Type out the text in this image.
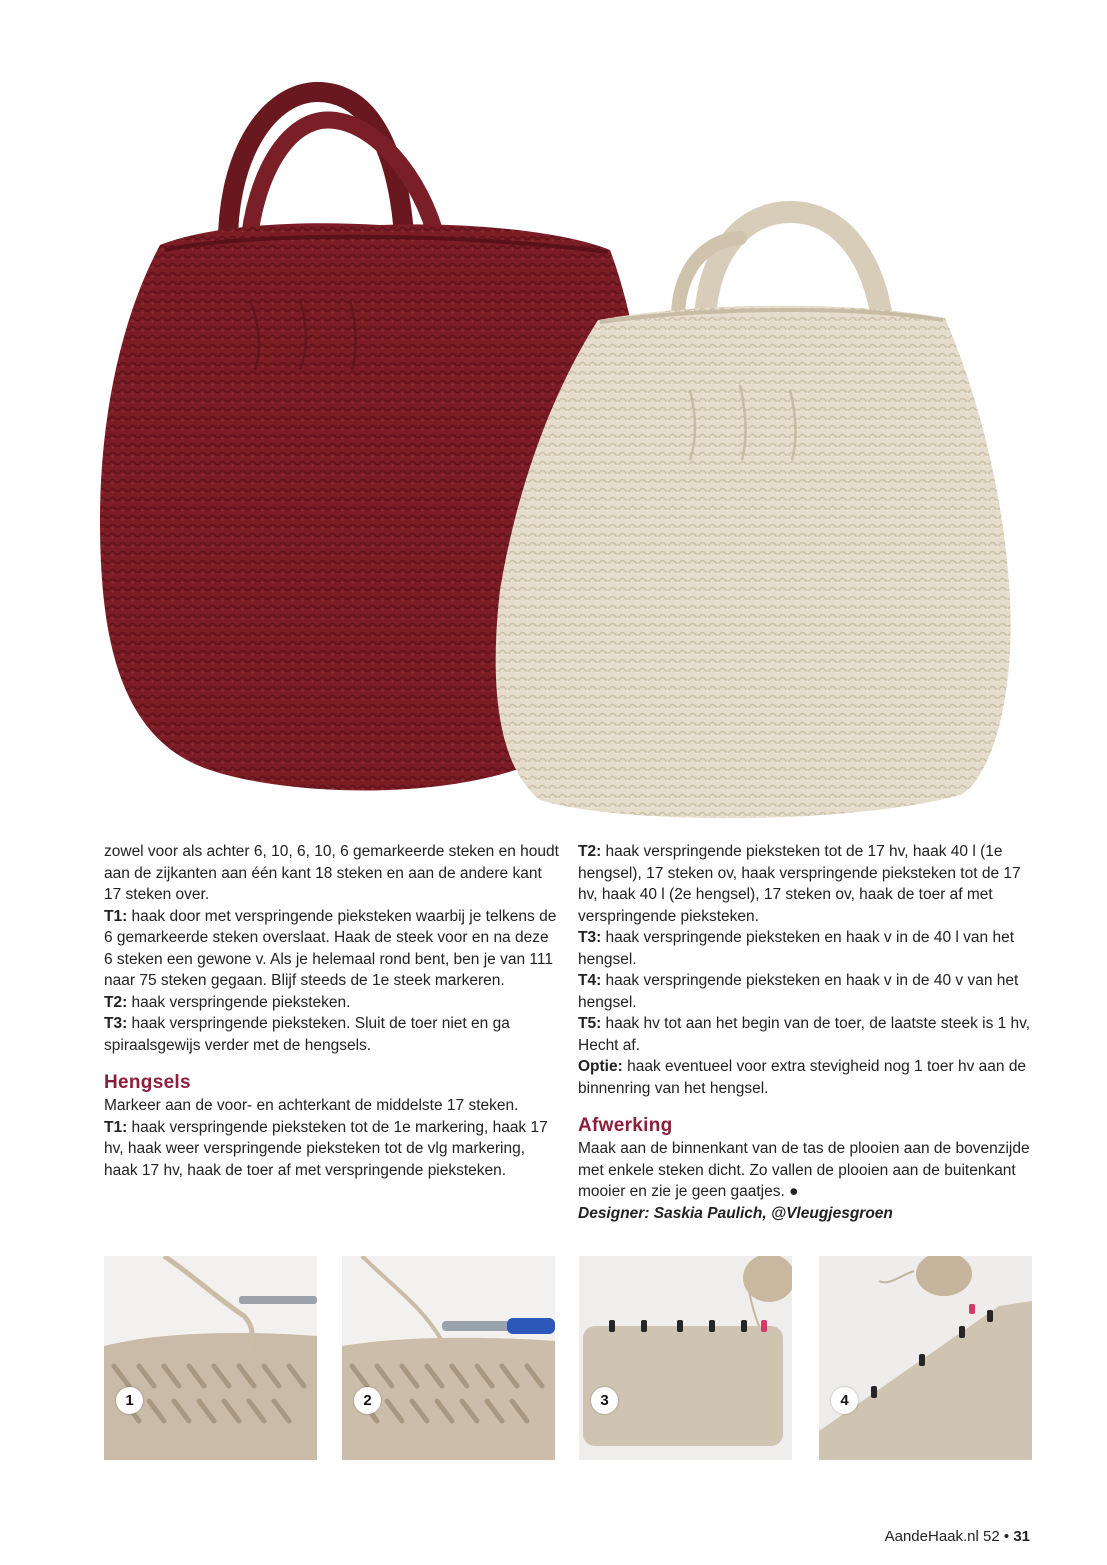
zowel voor als achter 6, 10, 6, 10, 6 gemarkeerde steken en houdt aan de zijkanten aan één kant 18 steken en aan de andere kant 17 steken over.

T1: haak door met verspringende pieksteken waarbij je telkens de 6 gemarkeerde steken overslaat. Haak de steek voor en na deze 6 steken een gewone v. Als je helemaal rond bent, ben je van 111 naar 75 steken gegaan. Blijf steeds de 1e steek markeren.

T2: haak verspringende pieksteken.

T3: haak verspringende pieksteken. Sluit de toer niet en ga spiraalsgewijs verder met de hengsels.

Hengsels

Markeer aan de voor- en achterkant de middelste 17 steken.

T1: haak verspringende pieksteken tot de 1e markering, haak 17 hv, haak weer verspringende pieksteken tot de vlg markering, haak 17 hv, haak de toer af met verspringende pieksteken.

T2: haak verspringende pieksteken tot de 17 hv, haak 40 l (1e hengsel), 17 steken ov, haak verspringende pieksteken tot de 17 hv, haak 40 l (2e hengsel), 17 steken ov, haak de toer af met verspringende pieksteken.

T3: haak verspringende pieksteken en haak v in de 40 l van het hengsel.

T4: haak verspringende pieksteken en haak v in de 40 v van het hengsel.

T5: haak hv tot aan het begin van de toer, de laatste steek is 1 hv, Hecht af.

Optie: haak eventueel voor extra stevigheid nog 1 toer hv aan de binnenring van het hengsel.

Afwerking

Maak aan de binnenkant van de tas de plooien aan de bovenzijde met enkele steken dicht. Zo vallen de plooien aan de buitenkant mooier en zie je geen gaatjes. ●

Designer: Saskia Paulich, @Vleugjesgroen

1	2	3	4
AandeHaak.nl 52 • 31
